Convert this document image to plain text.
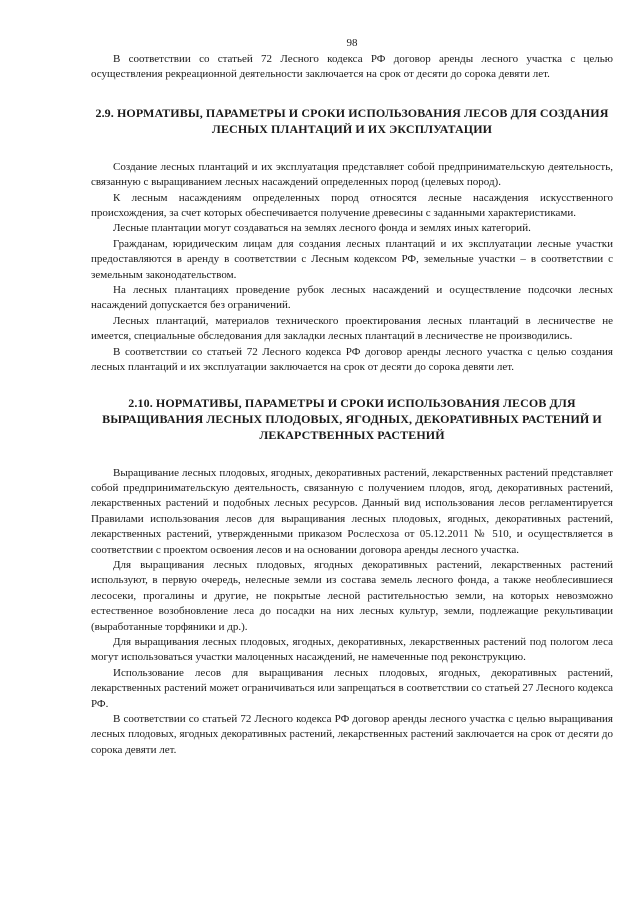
98

В соответствии со статьей 72 Лесного кодекса РФ договор аренды лесного участка с целью осуществления рекреационной деятельности заключается на срок от десяти до сорока девяти лет.

2.9. НОРМАТИВЫ, ПАРАМЕТРЫ И СРОКИ ИСПОЛЬЗОВАНИЯ ЛЕСОВ ДЛЯ СОЗДАНИЯ ЛЕСНЫХ ПЛАНТАЦИЙ И ИХ ЭКСПЛУАТАЦИИ

Создание лесных плантаций и их эксплуатация представляет собой предпринимательскую деятельность, связанную с выращиванием лесных насаждений определенных пород (целевых пород).

К лесным насаждениям определенных пород относятся лесные насаждения искусственного происхождения, за счет которых обеспечивается получение древесины с заданными характеристиками.

Лесные плантации могут создаваться на землях лесного фонда и землях иных категорий.

Гражданам, юридическим лицам для создания лесных плантаций и их эксплуатации лесные участки предоставляются в аренду в соответствии с Лесным кодексом РФ, земельные участки – в соответствии с земельным законодательством.

На лесных плантациях проведение рубок лесных насаждений и осуществление подсочки лесных насаждений допускается без ограничений.

Лесных плантаций, материалов технического проектирования лесных плантаций в лесничестве не имеется, специальные обследования для закладки лесных плантаций в лесничестве не производились.

В соответствии со статьей 72 Лесного кодекса РФ договор аренды лесного участка с целью создания лесных плантаций и их эксплуатации заключается на срок от десяти до сорока девяти лет.

2.10. НОРМАТИВЫ, ПАРАМЕТРЫ И СРОКИ ИСПОЛЬЗОВАНИЯ ЛЕСОВ ДЛЯ ВЫРАЩИВАНИЯ ЛЕСНЫХ ПЛОДОВЫХ, ЯГОДНЫХ, ДЕКОРАТИВНЫХ РАСТЕНИЙ И ЛЕКАРСТВЕННЫХ РАСТЕНИЙ

Выращивание лесных плодовых, ягодных, декоративных растений, лекарственных растений представляет собой предпринимательскую деятельность, связанную с получением плодов, ягод, декоративных растений, лекарственных растений и подобных лесных ресурсов. Данный вид использования лесов регламентируется Правилами использования лесов для выращивания лесных плодовых, ягодных, декоративных растений, лекарственных растений, утвержденными приказом Рослесхоза от 05.12.2011 № 510, и осуществляется в соответствии с проектом освоения лесов и на основании договора аренды лесного участка.

Для выращивания лесных плодовых, ягодных декоративных растений, лекарственных растений используют, в первую очередь, нелесные земли из состава земель лесного фонда, а также необлесившиеся лесосеки, прогалины и другие, не покрытые лесной растительностью земли, на которых невозможно естественное возобновление леса до посадки на них лесных культур, земли, подлежащие рекультивации (выработанные торфяники и др.).

Для выращивания лесных плодовых, ягодных, декоративных, лекарственных растений под пологом леса могут использоваться участки малоценных насаждений, не намеченные под реконструкцию.

Использование лесов для выращивания лесных плодовых, ягодных, декоративных растений, лекарственных растений может ограничиваться или запрещаться в соответствии со статьей 27 Лесного кодекса РФ.

В соответствии со статьей 72 Лесного кодекса РФ договор аренды лесного участка с целью выращивания лесных плодовых, ягодных декоративных растений, лекарственных растений заключается на срок от десяти до сорока девяти лет.
